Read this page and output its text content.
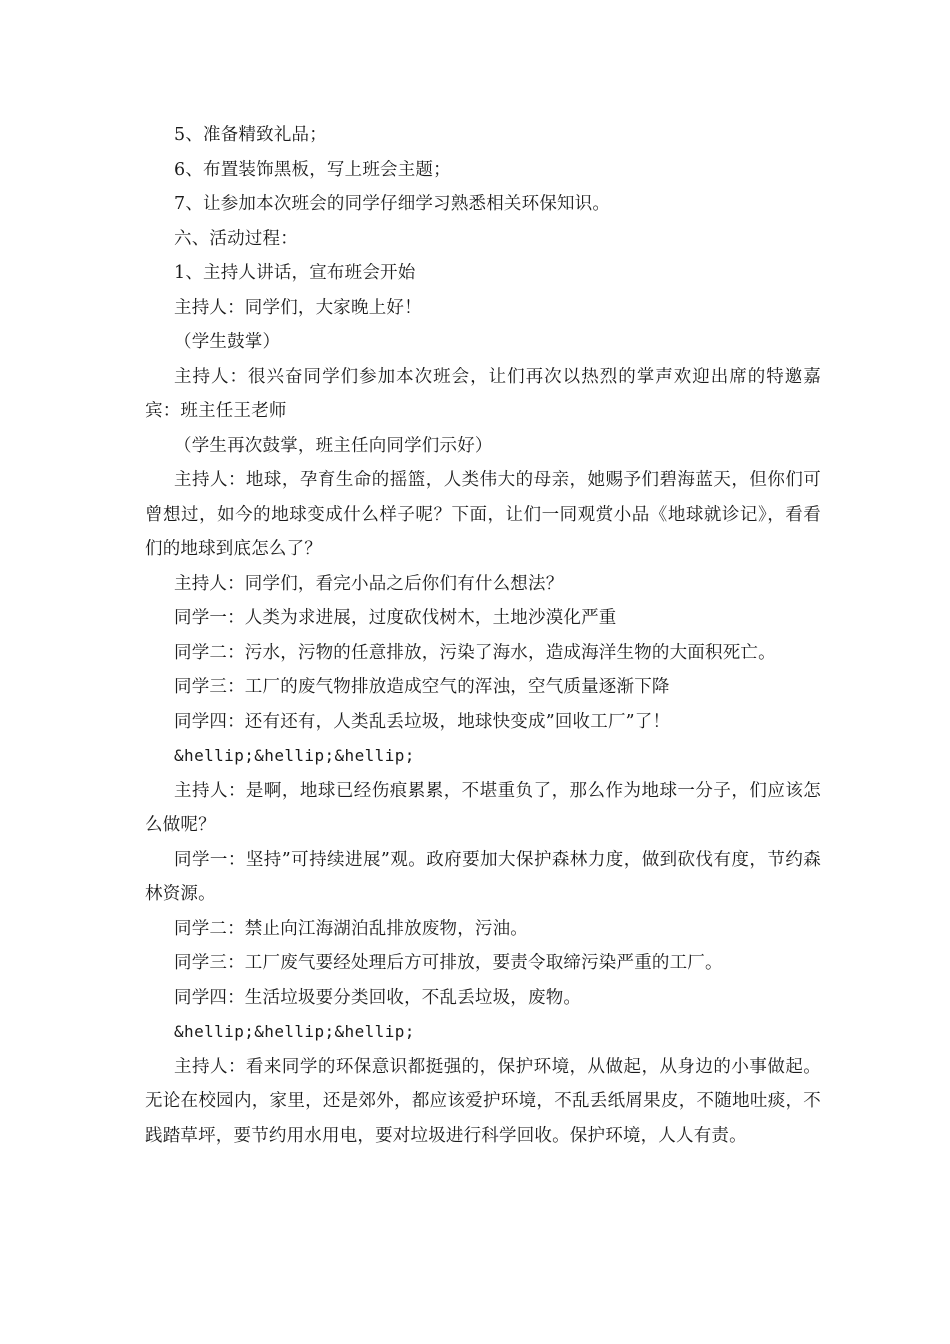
5、准备精致礼品；

6、布置装饰黑板，写上班会主题；

7、让参加本次班会的同学仔细学习熟悉相关环保知识。

六、活动过程：

1、主持人讲话，宣布班会开始

主持人：同学们，大家晚上好！

（学生鼓掌）

主持人：很兴奋同学们参加本次班会，让们再次以热烈的掌声欢迎出席的特邀嘉宾：班主任王老师

（学生再次鼓掌，班主任向同学们示好）

主持人：地球，孕育生命的摇篮，人类伟大的母亲，她赐予们碧海蓝天，但你们可曾想过，如今的地球变成什么样子呢？下面，让们一同观赏小品《地球就诊记》，看看们的地球到底怎么了？

主持人：同学们，看完小品之后你们有什么想法？

同学一：人类为求进展，过度砍伐树木，土地沙漠化严重

同学二：污水，污物的任意排放，污染了海水，造成海洋生物的大面积死亡。

同学三：工厂的废气物排放造成空气的浑浊，空气质量逐渐下降

同学四：还有还有，人类乱丢垃圾，地球快变成”回收工厂”了！

&hellip;&hellip;&hellip;

主持人：是啊，地球已经伤痕累累，不堪重负了，那么作为地球一分子，们应该怎么做呢？

同学一：坚持”可持续进展”观。政府要加大保护森林力度，做到砍伐有度，节约森林资源。

同学二：禁止向江海湖泊乱排放废物，污油。

同学三：工厂废气要经处理后方可排放，要责令取缔污染严重的工厂。

同学四：生活垃圾要分类回收，不乱丢垃圾，废物。

&hellip;&hellip;&hellip;

主持人：看来同学的环保意识都挺强的，保护环境，从做起，从身边的小事做起。无论在校园内，家里，还是郊外，都应该爱护环境，不乱丢纸屑果皮，不随地吐痰，不践踏草坪，要节约用水用电，要对垃圾进行科学回收。保护环境，人人有责。
